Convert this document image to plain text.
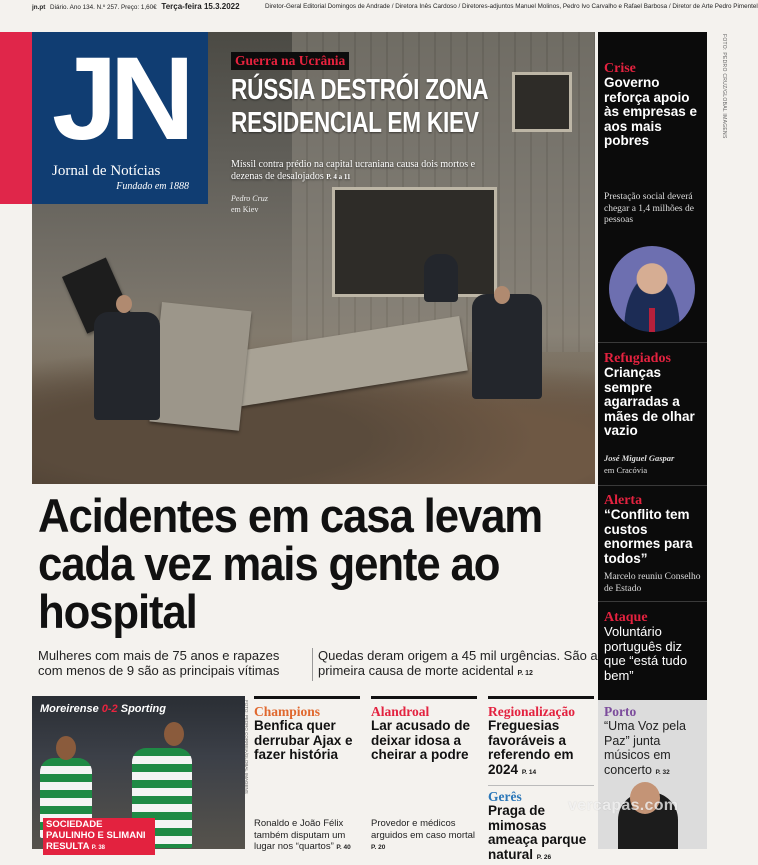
jn.pt Diário. Ano 134. N.º 257. Preço: 1,60€ Terça-feira 15.3.2022	Diretor-Geral Editorial Domingos de Andrade / Diretora Inês Cardoso / Diretores-adjuntos Manuel Molinos, Pedro Ivo Carvalho e Rafael Barbosa / Diretor de Arte Pedro Pimentel
FOTO: PEDRO CRUZ/GLOBAL IMAGENS
JN
Jornal de Notícias
Fundado em 1888
Guerra na Ucrânia
RÚSSIA DESTRÓI ZONA RESIDENCIAL EM KIEV
Míssil contra prédio na capital ucraniana causa dois mortos e dezenas de desalojados P. 4 a 11
Pedro Cruz
em Kiev
Crise
Governo reforça apoio às empresas e aos mais pobres
Prestação social deverá chegar a 1,4 milhões de pessoas
Refugiados
Crianças sempre agarradas a mães de olhar vazio
José Miguel Gaspar
em Cracóvia
Alerta
“Conflito tem custos enormes para todos”
Marcelo reuniu Conselho de Estado
Ataque
Voluntário português diz que “está tudo bem”
Acidentes em casa levam cada vez mais gente ao hospital
Mulheres com mais de 75 anos e rapazes com menos de 9 são as principais vítimas
Quedas deram origem a 45 mil urgências. São a primeira causa de morte acidental P. 12
Moreirense 0-2 Sporting
SOCIEDADE PAULINHO E SLIMANI RESULTA P. 38
FOTO: PEDRO CORREIA/GLOBAL IMAGENS Champions
Benfica quer derrubar Ajax e fazer história
Ronaldo e João Félix também disputam um lugar nos “quartos” P. 40
Alandroal
Lar acusado de deixar idosa a cheirar a podre
Provedor e médicos arguidos em caso mortal P. 20
Regionalização
Freguesias favoráveis a referendo em 2024 P. 14
Gerês
Praga de mimosas ameaça parque natural P. 26
Porto
“Uma Voz pela Paz” junta músicos em concerto P. 32
vercapas.com
